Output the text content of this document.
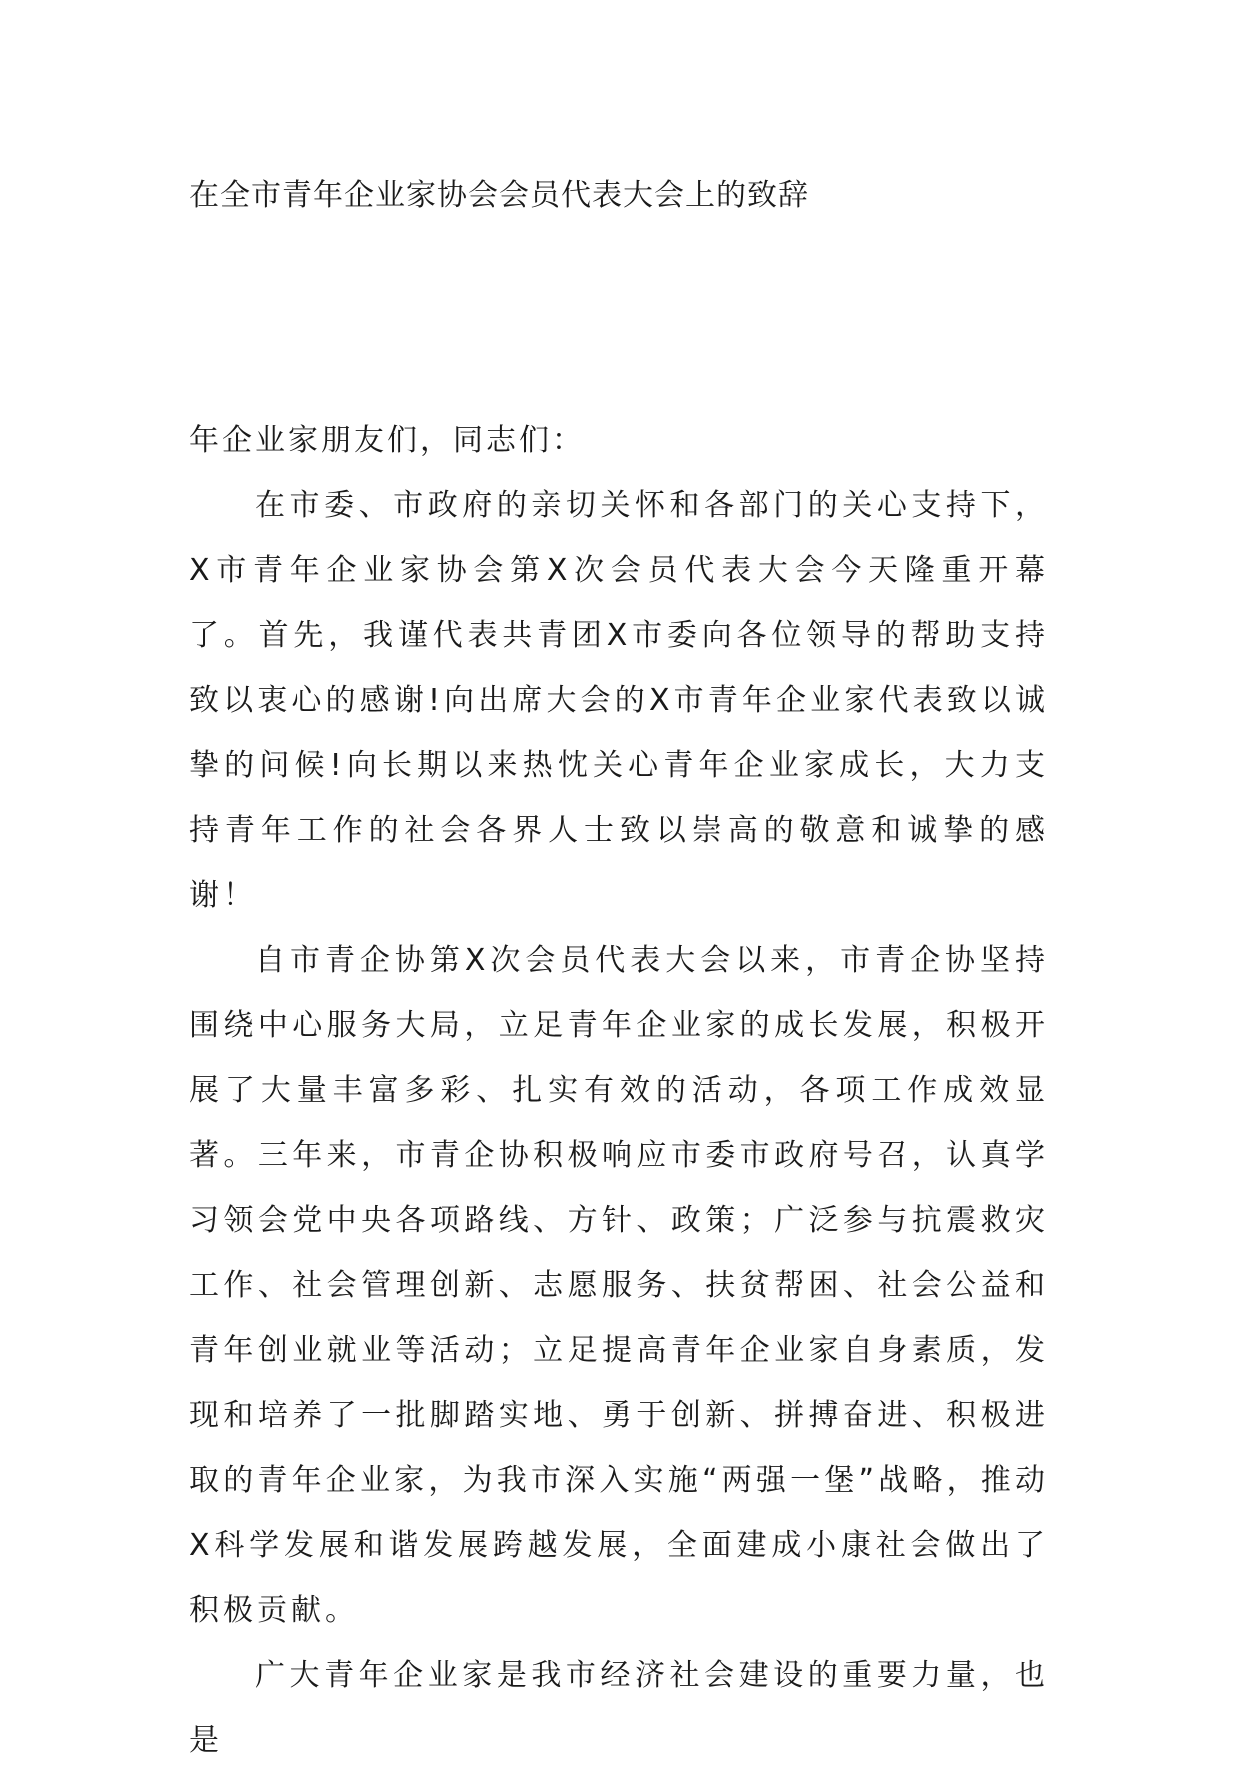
在全市青年企业家协会会员代表大会上的致辞

年企业家朋友们，同志们：

在市委、市政府的亲切关怀和各部门的关心支持下，X市青年企业家协会第X次会员代表大会今天隆重开幕了。首先，我谨代表共青团X市委向各位领导的帮助支持致以衷心的感谢!向出席大会的X市青年企业家代表致以诚挚的问候!向长期以来热忱关心青年企业家成长，大力支持青年工作的社会各界人士致以崇高的敬意和诚挚的感谢！

自市青企协第X次会员代表大会以来，市青企协坚持围绕中心服务大局，立足青年企业家的成长发展，积极开展了大量丰富多彩、扎实有效的活动，各项工作成效显著。三年来，市青企协积极响应市委市政府号召，认真学习领会党中央各项路线、方针、政策；广泛参与抗震救灾工作、社会管理创新、志愿服务、扶贫帮困、社会公益和青年创业就业等活动；立足提高青年企业家自身素质，发现和培养了一批脚踏实地、勇于创新、拼搏奋进、积极进取的青年企业家，为我市深入实施“两强一堡”战略，推动X科学发展和谐发展跨越发展，全面建成小康社会做出了积极贡献。

广大青年企业家是我市经济社会建设的重要力量，也是
